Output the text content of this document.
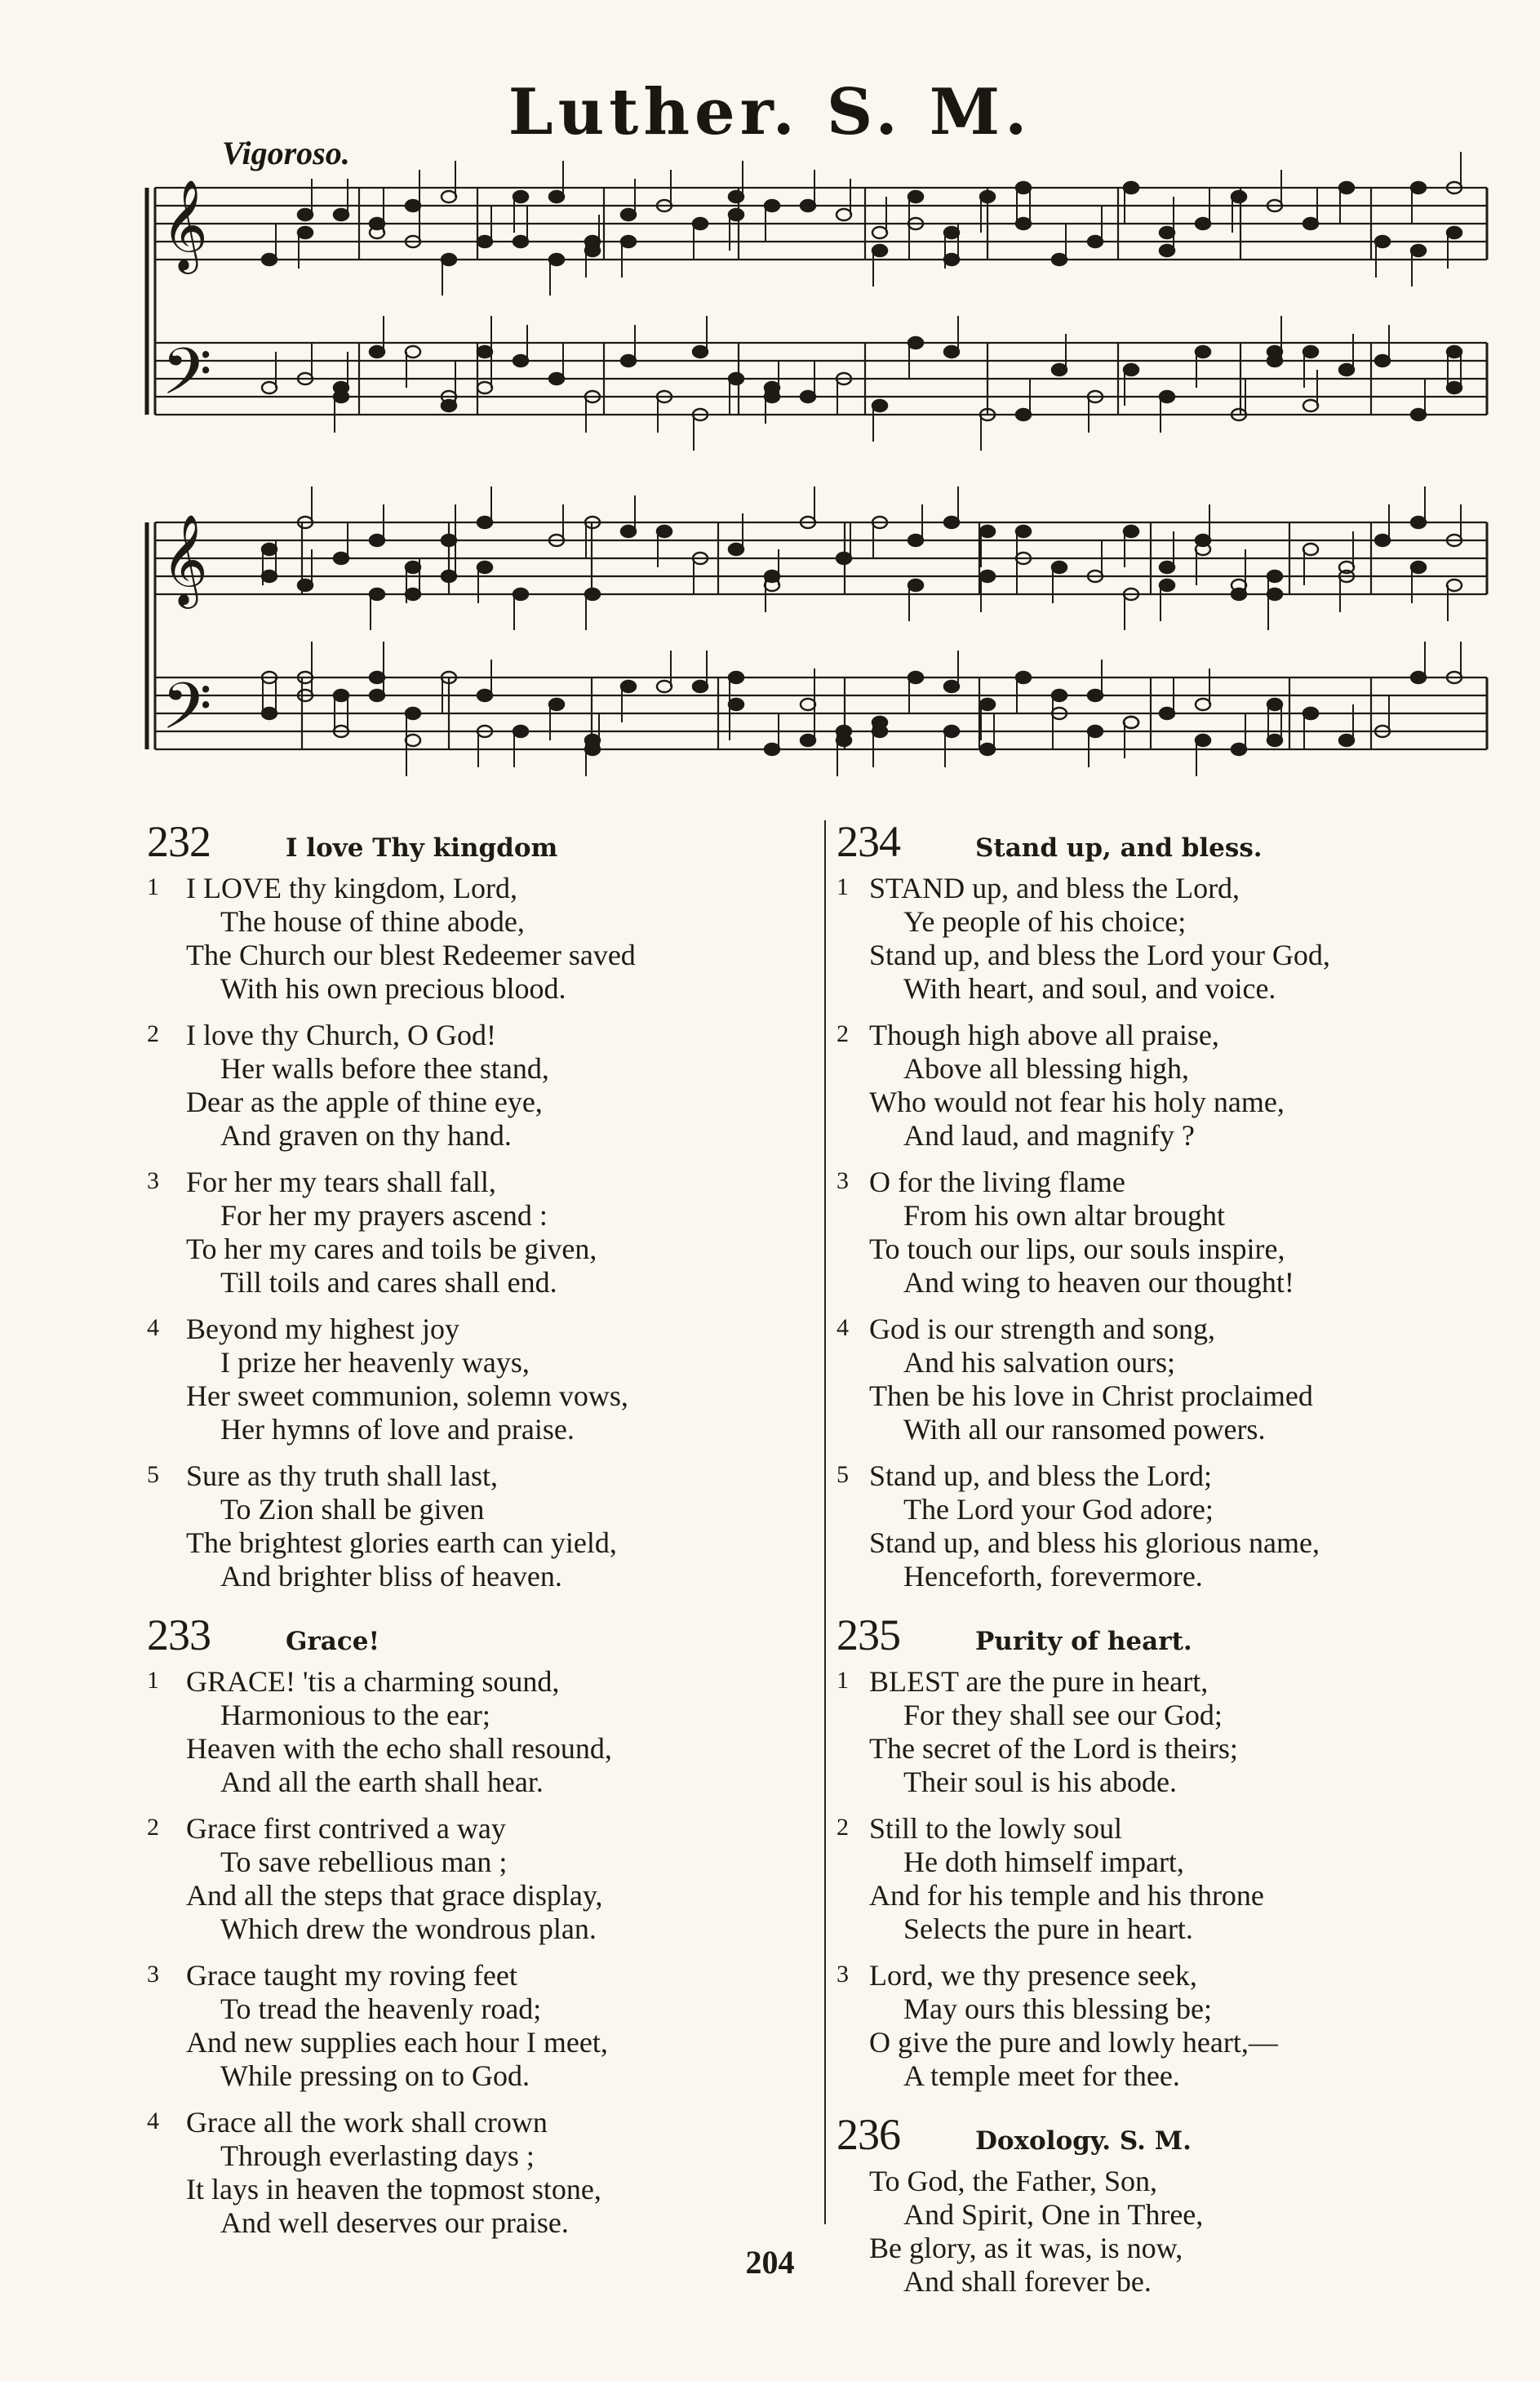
Luther. S. M.
Vigoroso.
𝄞
𝄢
𝄞
𝄢
232	I love Thy kingdom
1 I LOVE thy kingdom, Lord,
The house of thine abode,
The Church our blest Redeemer saved
With his own precious blood.
2 I love thy Church, O God!
Her walls before thee stand,
Dear as the apple of thine eye,
And graven on thy hand.
3 For her my tears shall fall,
For her my prayers ascend :
To her my cares and toils be given,
Till toils and cares shall end.
4 Beyond my highest joy
I prize her heavenly ways,
Her sweet communion, solemn vows,
Her hymns of love and praise.
5 Sure as thy truth shall last,
To Zion shall be given
The brightest glories earth can yield,
And brighter bliss of heaven.
233	Grace!
1 GRACE! 'tis a charming sound,
Harmonious to the ear;
Heaven with the echo shall resound,
And all the earth shall hear.
2 Grace first contrived a way
To save rebellious man ;
And all the steps that grace display,
Which drew the wondrous plan.
3 Grace taught my roving feet
To tread the heavenly road;
And new supplies each hour I meet,
While pressing on to God.
4 Grace all the work shall crown
Through everlasting days ;
It lays in heaven the topmost stone,
And well deserves our praise.
234	Stand up, and bless.
1 STAND up, and bless the Lord,
Ye people of his choice;
Stand up, and bless the Lord your God,
With heart, and soul, and voice.
2 Though high above all praise,
Above all blessing high,
Who would not fear his holy name,
And laud, and magnify ?
3 O for the living flame
From his own altar brought
To touch our lips, our souls inspire,
And wing to heaven our thought!
4 God is our strength and song,
And his salvation ours;
Then be his love in Christ proclaimed
With all our ransomed powers.
5 Stand up, and bless the Lord;
The Lord your God adore;
Stand up, and bless his glorious name,
Henceforth, forevermore.
235	Purity of heart.
1 BLEST are the pure in heart,
For they shall see our God;
The secret of the Lord is theirs;
Their soul is his abode.
2 Still to the lowly soul
He doth himself impart,
And for his temple and his throne
Selects the pure in heart.
3 Lord, we thy presence seek,
May ours this blessing be;
O give the pure and lowly heart,—
A temple meet for thee.
236	Doxology. S. M.
To God, the Father, Son,
And Spirit, One in Three,
Be glory, as it was, is now,
And shall forever be.
204
